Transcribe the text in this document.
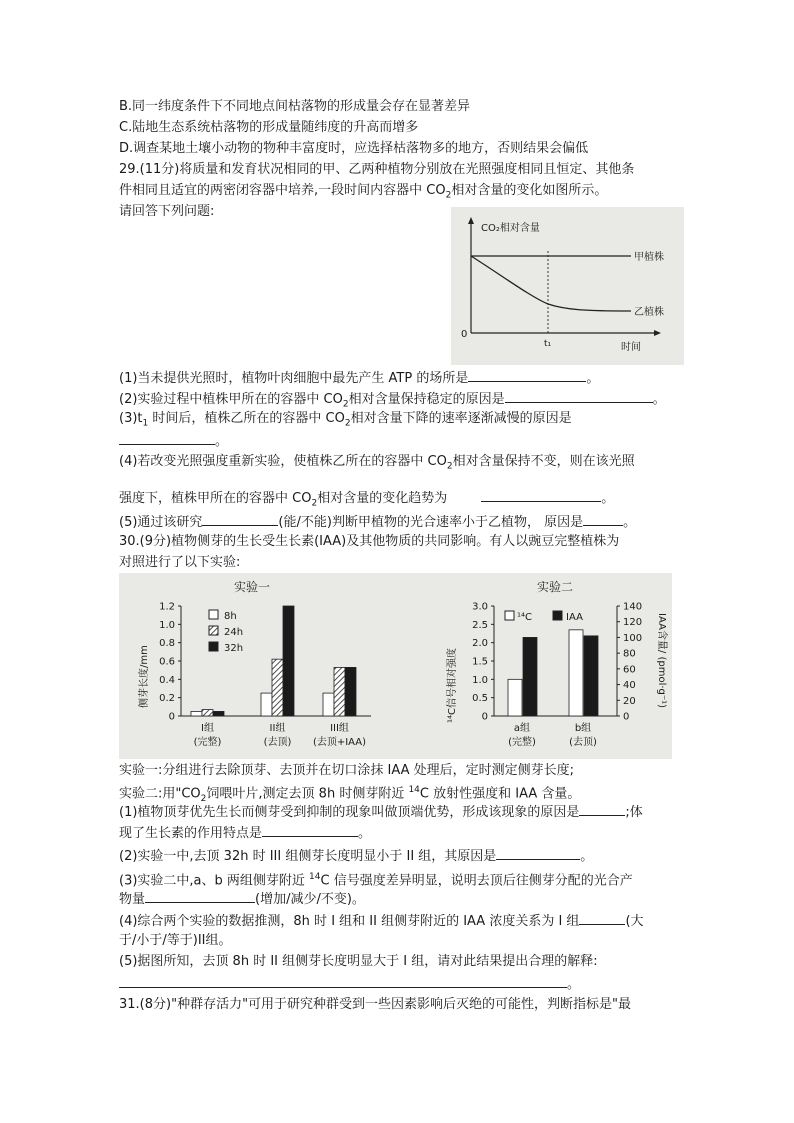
B.同一纬度条件下不同地点间枯落物的形成量会存在显著差异
C.陆地生态系统枯落物的形成量随纬度的升高而增多
D.调查某地土壤小动物的物种丰富度时，应选择枯落物多的地方，否则结果会偏低
29.(11分)将质量和发育状况相同的甲、乙两种植物分别放在光照强度相同且恒定、其他条
件相同且适宜的两密闭容器中培养,一段时间内容器中 $CO_2$相对含量的变化如图所示。
请回答下列问题:
CO₂相对含量
0
时间
t₁
甲植株
乙植株
(1)当未提供光照时，植物叶肉细胞中最先产生 ATP 的场所是	。
(2)实验过程中植株甲所在的容器中 $CO_2$相对含量保持稳定的原因是	。
$(3)t_1$ 时间后，植株乙所在的容器中 $CO_2$相对含量下降的速率逐渐减慢的原因是
。
(4)若改变光照强度重新实验，使植株乙所在的容器中 $CO_2$相对含量保持不变，则在该光照
强度下，植株甲所在的容器中 $CO_2$相对含量的变化趋势为	。
(5)通过该研究	(能/不能)判断甲植物的光合速率小于乙植物， 原因是	。
30.(9分)植物侧芽的生长受生长素(IAA)及其他物质的共同影响。有人以豌豆完整植株为
对照进行了以下实验:
实验一
侧芽长度/mm
1.2
1.0
0.8
0.6
0.4
0.2
0
I组
(完整)
II组
(去顶)
III组
(去顶+IAA)
8h
24h
32h
实验二
¹⁴C信号相对强度	IAA含量/ (pmol·g⁻¹)
3.0
2.5
2.0
1.5
1.0
0.5
0
140
120
100
80
60
40
20
0
a组
(完整)
b组
(去顶)
¹⁴C	IAA
实验一:分组进行去除顶芽、去顶并在切口涂抹 IAA 处理后，定时测定侧芽长度;
实验二:用"$CO_2$饲喂叶片,测定去顶 8h 时侧芽附近 $^{14}$C 放射性强度和 IAA 含量。
(1)植物顶芽优先生长而侧芽受到抑制的现象叫做顶端优势，形成该现象的原因是	;体
现了生长素的作用特点是	。
(2)实验一中,去顶 32h 时 III 组侧芽长度明显小于 II 组，其原因是	。
(3)实验二中,a、b 两组侧芽附近 $^{14}$C 信号强度差异明显，说明去顶后往侧芽分配的光合产
物量	(增加/减少/不变)。
(4)综合两个实验的数据推测，8h 时 I 组和 II 组侧芽附近的 IAA 浓度关系为 I 组	(大
于/小于/等于)II组。
(5)据图所知，去顶 8h 时 II 组侧芽长度明显大于 I 组，请对此结果提出合理的解释:
。
31.(8分)"种群存活力"可用于研究种群受到一些因素影响后灭绝的可能性，判断指标是"最
